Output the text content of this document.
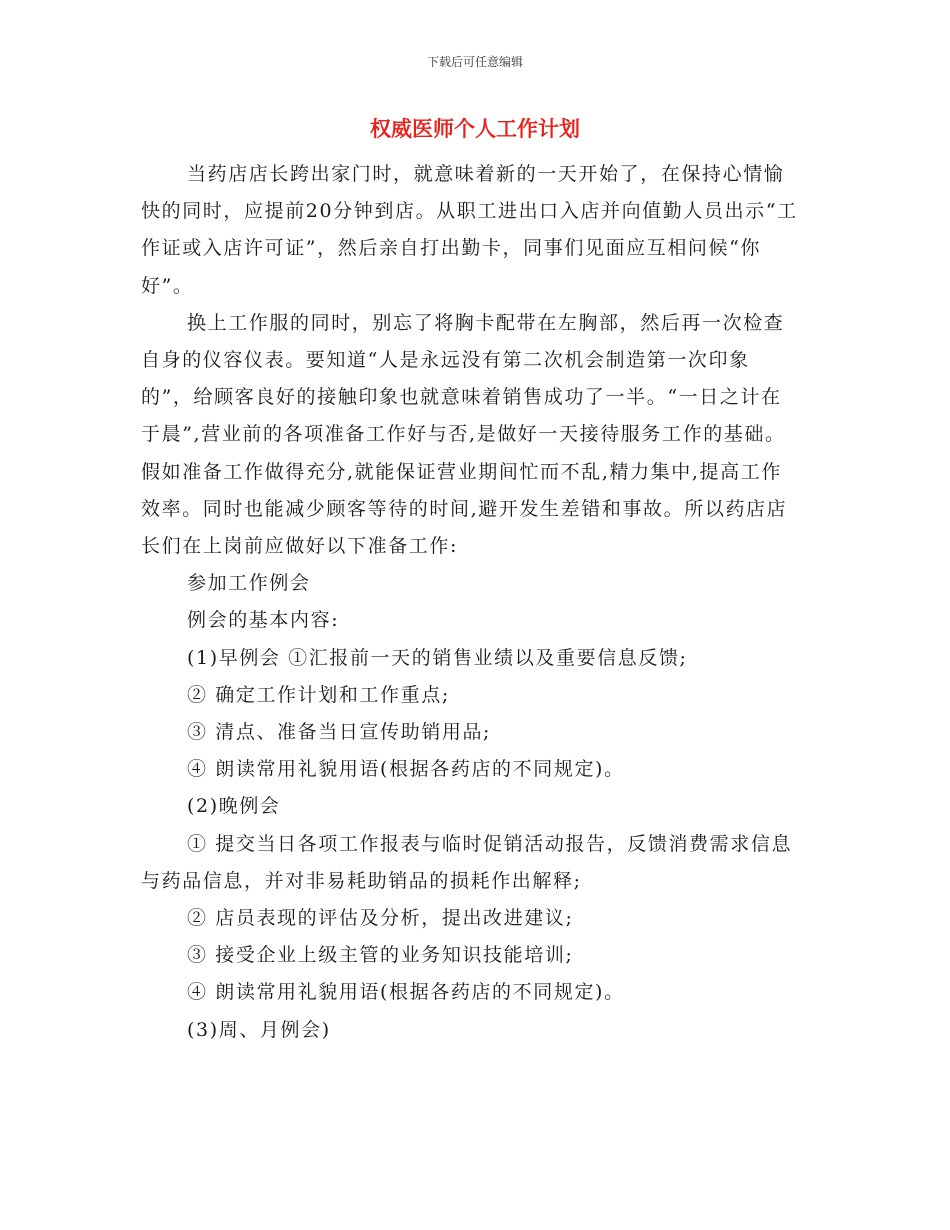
下载后可任意编辑
权威医师个人工作计划

当药店店长跨出家门时，就意味着新的一天开始了，在保持心情愉快的同时，应提前20分钟到店。从职工进出口入店并向值勤人员出示“工作证或入店许可证”，然后亲自打出勤卡，同事们见面应互相问候“你好”。

换上工作服的同时，别忘了将胸卡配带在左胸部，然后再一次检查自身的仪容仪表。要知道“人是永远没有第二次机会制造第一次印象的”，给顾客良好的接触印象也就意味着销售成功了一半。“一日之计在于晨”,营业前的各项准备工作好与否,是做好一天接待服务工作的基础。假如准备工作做得充分,就能保证营业期间忙而不乱,精力集中,提高工作效率。同时也能减少顾客等待的时间,避开发生差错和事故。所以药店店长们在上岗前应做好以下准备工作:

参加工作例会

例会的基本内容:

(1)早例会 ①汇报前一天的销售业绩以及重要信息反馈;

② 确定工作计划和工作重点;

③ 清点、准备当日宣传助销用品;

④ 朗读常用礼貌用语(根据各药店的不同规定)。

(2)晚例会

① 提交当日各项工作报表与临时促销活动报告，反馈消费需求信息与药品信息，并对非易耗助销品的损耗作出解释;

② 店员表现的评估及分析，提出改进建议;

③ 接受企业上级主管的业务知识技能培训;

④ 朗读常用礼貌用语(根据各药店的不同规定)。

(3)周、月例会)
